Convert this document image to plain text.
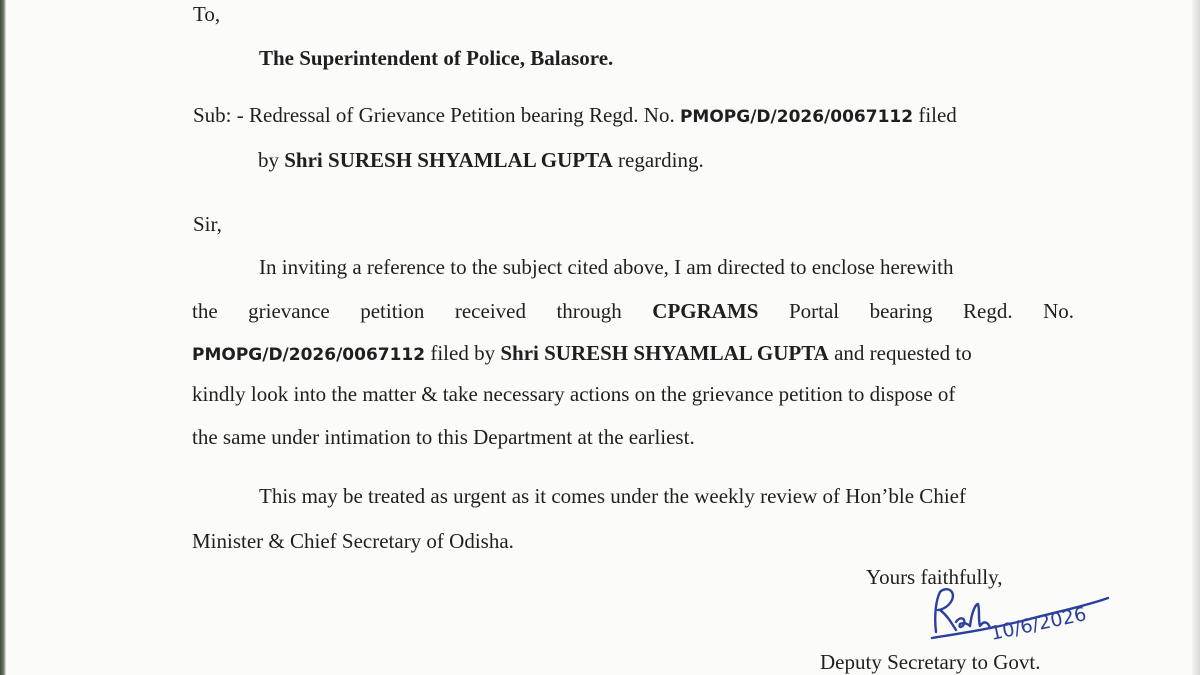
To,
The Superintendent of Police, Balasore.
Sub: - Redressal of Grievance Petition bearing Regd. No. PMOPG/D/2026/0067112 filed
by Shri SURESH SHYAMLAL GUPTA regarding.
Sir,
In inviting a reference to the subject cited above, I am directed to enclose herewith
the grievance petition received through CPGRAMS Portal bearing Regd. No.
PMOPG/D/2026/0067112 filed by Shri SURESH SHYAMLAL GUPTA and requested to
kindly look into the matter & take necessary actions on the grievance petition to dispose of
the same under intimation to this Department at the earliest.
This may be treated as urgent as it comes under the weekly review of Hon’ble Chief
Minister & Chief Secretary of Odisha.
Yours faithfully,
10/6/2026
Deputy Secretary to Govt.
